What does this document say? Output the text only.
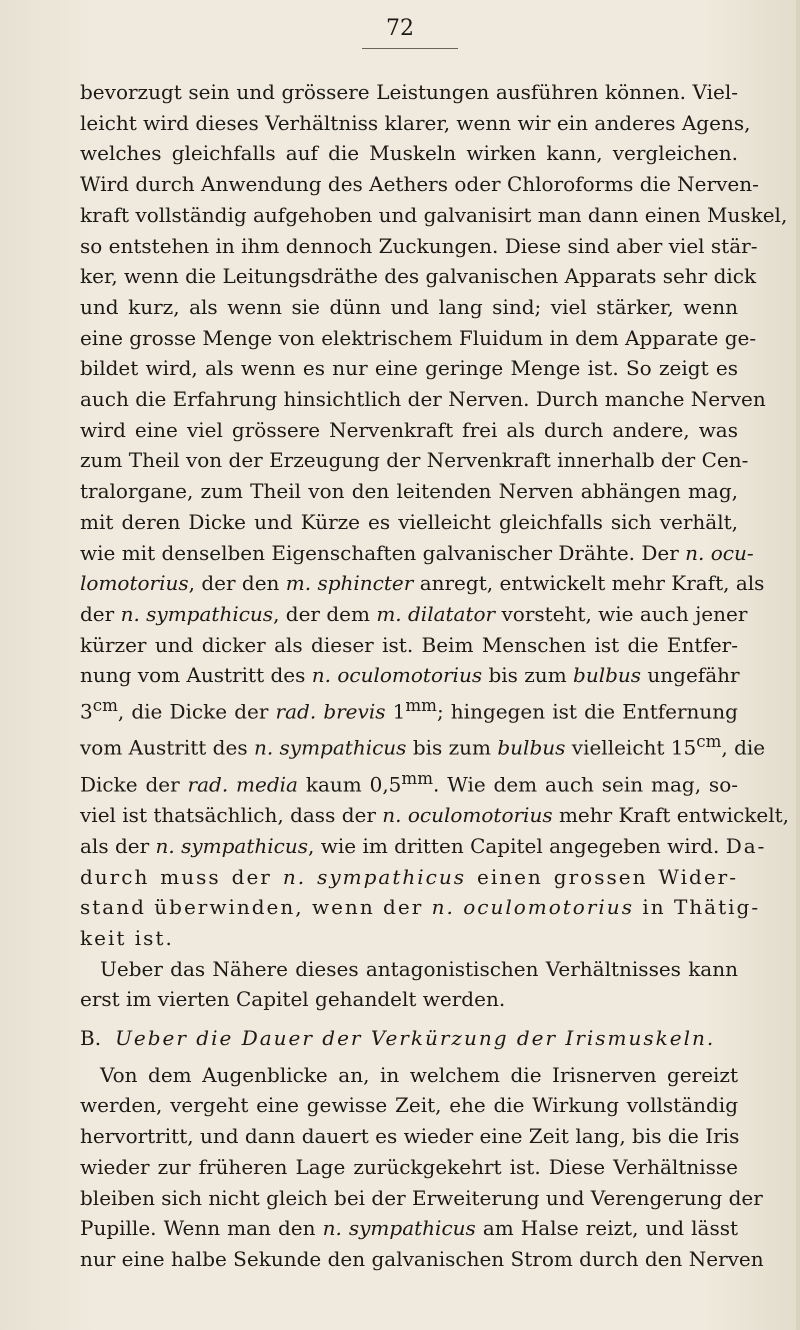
72

bevorzugt sein und grössere Leistungen ausführen können. Viel-
leicht wird dieses Verhältniss klarer, wenn wir ein anderes Agens,
welches gleichfalls auf die Muskeln wirken kann, vergleichen.
Wird durch Anwendung des Aethers oder Chloroforms die Nerven-
kraft vollständig aufgehoben und galvanisirt man dann einen Muskel,
so entstehen in ihm dennoch Zuckungen. Diese sind aber viel stär-
ker, wenn die Leitungsdräthe des galvanischen Apparats sehr dick
und kurz, als wenn sie dünn und lang sind; viel stärker, wenn
eine grosse Menge von elektrischem Fluidum in dem Apparate ge-
bildet wird, als wenn es nur eine geringe Menge ist. So zeigt es
auch die Erfahrung hinsichtlich der Nerven. Durch manche Nerven
wird eine viel grössere Nervenkraft frei als durch andere, was
zum Theil von der Erzeugung der Nervenkraft innerhalb der Cen-
tralorgane, zum Theil von den leitenden Nerven abhängen mag,
mit deren Dicke und Kürze es vielleicht gleichfalls sich verhält,
wie mit denselben Eigenschaften galvanischer Drähte. Der n. ocu-
lomotorius, der den m. sphincter anregt, entwickelt mehr Kraft, als
der n. sympathicus, der dem m. dilatator vorsteht, wie auch jener
kürzer und dicker als dieser ist. Beim Menschen ist die Entfer-
nung vom Austritt des n. oculomotorius bis zum bulbus ungefähr
$3^{cm}$, die Dicke der rad. brevis $1^{mm}$; hingegen ist die Entfernung
vom Austritt des n. sympathicus bis zum bulbus vielleicht $15^{cm}$, die
Dicke der rad. media kaum $0,5^{mm}$. Wie dem auch sein mag, so-
viel ist thatsächlich, dass der n. oculomotorius mehr Kraft entwickelt,
als der n. sympathicus, wie im dritten Capitel angegeben wird. Da-
durch muss der n. sympathicus einen grossen Wider-
stand überwinden, wenn der n. oculomotorius in Thätig-
keit ist.

Ueber das Nähere dieses antagonistischen Verhältnisses kann
erst im vierten Capitel gehandelt werden.

B. Ueber die Dauer der Verkürzung der Irismuskeln.

Von dem Augenblicke an, in welchem die Irisnerven gereizt
werden, vergeht eine gewisse Zeit, ehe die Wirkung vollständig
hervortritt, und dann dauert es wieder eine Zeit lang, bis die Iris
wieder zur früheren Lage zurückgekehrt ist. Diese Verhältnisse
bleiben sich nicht gleich bei der Erweiterung und Verengerung der
Pupille. Wenn man den n. sympathicus am Halse reizt, und lässt
nur eine halbe Sekunde den galvanischen Strom durch den Nerven
